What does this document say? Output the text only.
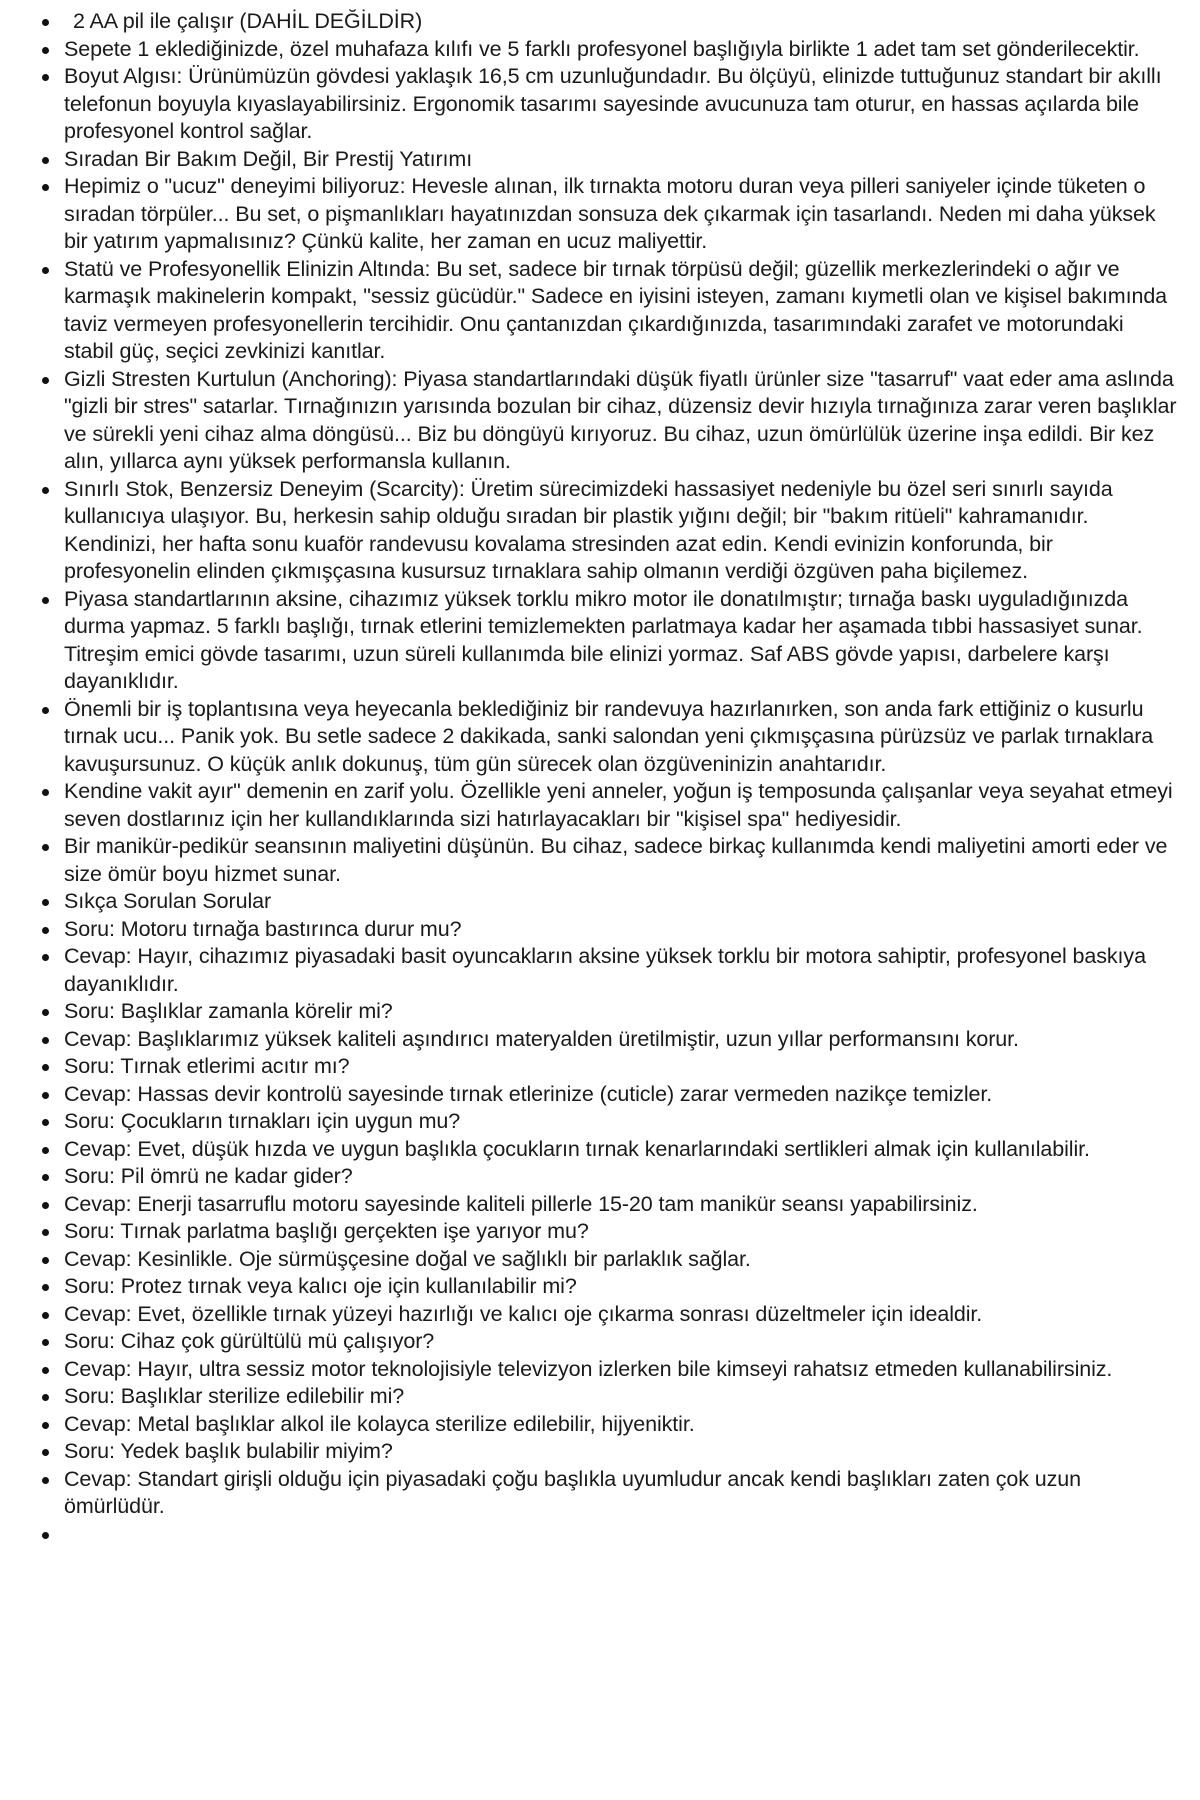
2 AA pil ile çalışır (DAHİL DEĞİLDİR)
Sepete 1 eklediğinizde, özel muhafaza kılıfı ve 5 farklı profesyonel başlığıyla birlikte 1 adet tam set gönderilecektir.
Boyut Algısı: Ürünümüzün gövdesi yaklaşık 16,5 cm uzunluğundadır. Bu ölçüyü, elinizde tuttuğunuz standart bir akıllı telefonun boyuyla kıyaslayabilirsiniz. Ergonomik tasarımı sayesinde avucunuza tam oturur, en hassas açılarda bile profesyonel kontrol sağlar.
Sıradan Bir Bakım Değil, Bir Prestij Yatırımı
Hepimiz o "ucuz" deneyimi biliyoruz: Hevesle alınan, ilk tırnakta motoru duran veya pilleri saniyeler içinde tüketen o sıradan törpüler... Bu set, o pişmanlıkları hayatınızdan sonsuza dek çıkarmak için tasarlandı. Neden mi daha yüksek bir yatırım yapmalısınız? Çünkü kalite, her zaman en ucuz maliyettir.
Statü ve Profesyonellik Elinizin Altında: Bu set, sadece bir tırnak törpüsü değil; güzellik merkezlerindeki o ağır ve karmaşık makinelerin kompakt, "sessiz gücüdür." Sadece en iyisini isteyen, zamanı kıymetli olan ve kişisel bakımında taviz vermeyen profesyonellerin tercihidir. Onu çantanızdan çıkardığınızda, tasarımındaki zarafet ve motorundaki stabil güç, seçici zevkinizi kanıtlar.
Gizli Stresten Kurtulun (Anchoring): Piyasa standartlarındaki düşük fiyatlı ürünler size "tasarruf" vaat eder ama aslında "gizli bir stres" satarlar. Tırnağınızın yarısında bozulan bir cihaz, düzensiz devir hızıyla tırnağınıza zarar veren başlıklar ve sürekli yeni cihaz alma döngüsü... Biz bu döngüyü kırıyoruz. Bu cihaz, uzun ömürlülük üzerine inşa edildi. Bir kez alın, yıllarca aynı yüksek performansla kullanın.
Sınırlı Stok, Benzersiz Deneyim (Scarcity): Üretim sürecimizdeki hassasiyet nedeniyle bu özel seri sınırlı sayıda kullanıcıya ulaşıyor. Bu, herkesin sahip olduğu sıradan bir plastik yığını değil; bir "bakım ritüeli" kahramanıdır. Kendinizi, her hafta sonu kuaför randevusu kovalama stresinden azat edin. Kendi evinizin konforunda, bir profesyonelin elinden çıkmışçasına kusursuz tırnaklara sahip olmanın verdiği özgüven paha biçilemez.
Piyasa standartlarının aksine, cihazımız yüksek torklu mikro motor ile donatılmıştır; tırnağa baskı uyguladığınızda durma yapmaz. 5 farklı başlığı, tırnak etlerini temizlemekten parlatmaya kadar her aşamada tıbbi hassasiyet sunar. Titreşim emici gövde tasarımı, uzun süreli kullanımda bile elinizi yormaz. Saf ABS gövde yapısı, darbelere karşı dayanıklıdır.
Önemli bir iş toplantısına veya heyecanla beklediğiniz bir randevuya hazırlanırken, son anda fark ettiğiniz o kusurlu tırnak ucu... Panik yok. Bu setle sadece 2 dakikada, sanki salondan yeni çıkmışçasına pürüzsüz ve parlak tırnaklara kavuşursunuz. O küçük anlık dokunuş, tüm gün sürecek olan özgüveninizin anahtarıdır.
Kendine vakit ayır" demenin en zarif yolu. Özellikle yeni anneler, yoğun iş temposunda çalışanlar veya seyahat etmeyi seven dostlarınız için her kullandıklarında sizi hatırlayacakları bir "kişisel spa" hediyesidir.
Bir manikür-pedikür seansının maliyetini düşünün. Bu cihaz, sadece birkaç kullanımda kendi maliyetini amorti eder ve size ömür boyu hizmet sunar.
Sıkça Sorulan Sorular
Soru: Motoru tırnağa bastırınca durur mu?
Cevap: Hayır, cihazımız piyasadaki basit oyuncakların aksine yüksek torklu bir motora sahiptir, profesyonel baskıya dayanıklıdır.
Soru: Başlıklar zamanla körelir mi?
Cevap: Başlıklarımız yüksek kaliteli aşındırıcı materyalden üretilmiştir, uzun yıllar performansını korur.
Soru: Tırnak etlerimi acıtır mı?
Cevap: Hassas devir kontrolü sayesinde tırnak etlerinize (cuticle) zarar vermeden nazikçe temizler.
Soru: Çocukların tırnakları için uygun mu?
Cevap: Evet, düşük hızda ve uygun başlıkla çocukların tırnak kenarlarındaki sertlikleri almak için kullanılabilir.
Soru: Pil ömrü ne kadar gider?
Cevap: Enerji tasarruflu motoru sayesinde kaliteli pillerle 15-20 tam manikür seansı yapabilirsiniz.
Soru: Tırnak parlatma başlığı gerçekten işe yarıyor mu?
Cevap: Kesinlikle. Oje sürmüşçesine doğal ve sağlıklı bir parlaklık sağlar.
Soru: Protez tırnak veya kalıcı oje için kullanılabilir mi?
Cevap: Evet, özellikle tırnak yüzeyi hazırlığı ve kalıcı oje çıkarma sonrası düzeltmeler için idealdir.
Soru: Cihaz çok gürültülü mü çalışıyor?
Cevap: Hayır, ultra sessiz motor teknolojisiyle televizyon izlerken bile kimseyi rahatsız etmeden kullanabilirsiniz.
Soru: Başlıklar sterilize edilebilir mi?
Cevap: Metal başlıklar alkol ile kolayca sterilize edilebilir, hijyeniktir.
Soru: Yedek başlık bulabilir miyim?
Cevap: Standart girişli olduğu için piyasadaki çoğu başlıkla uyumludur ancak kendi başlıkları zaten çok uzun ömürlüdür.
